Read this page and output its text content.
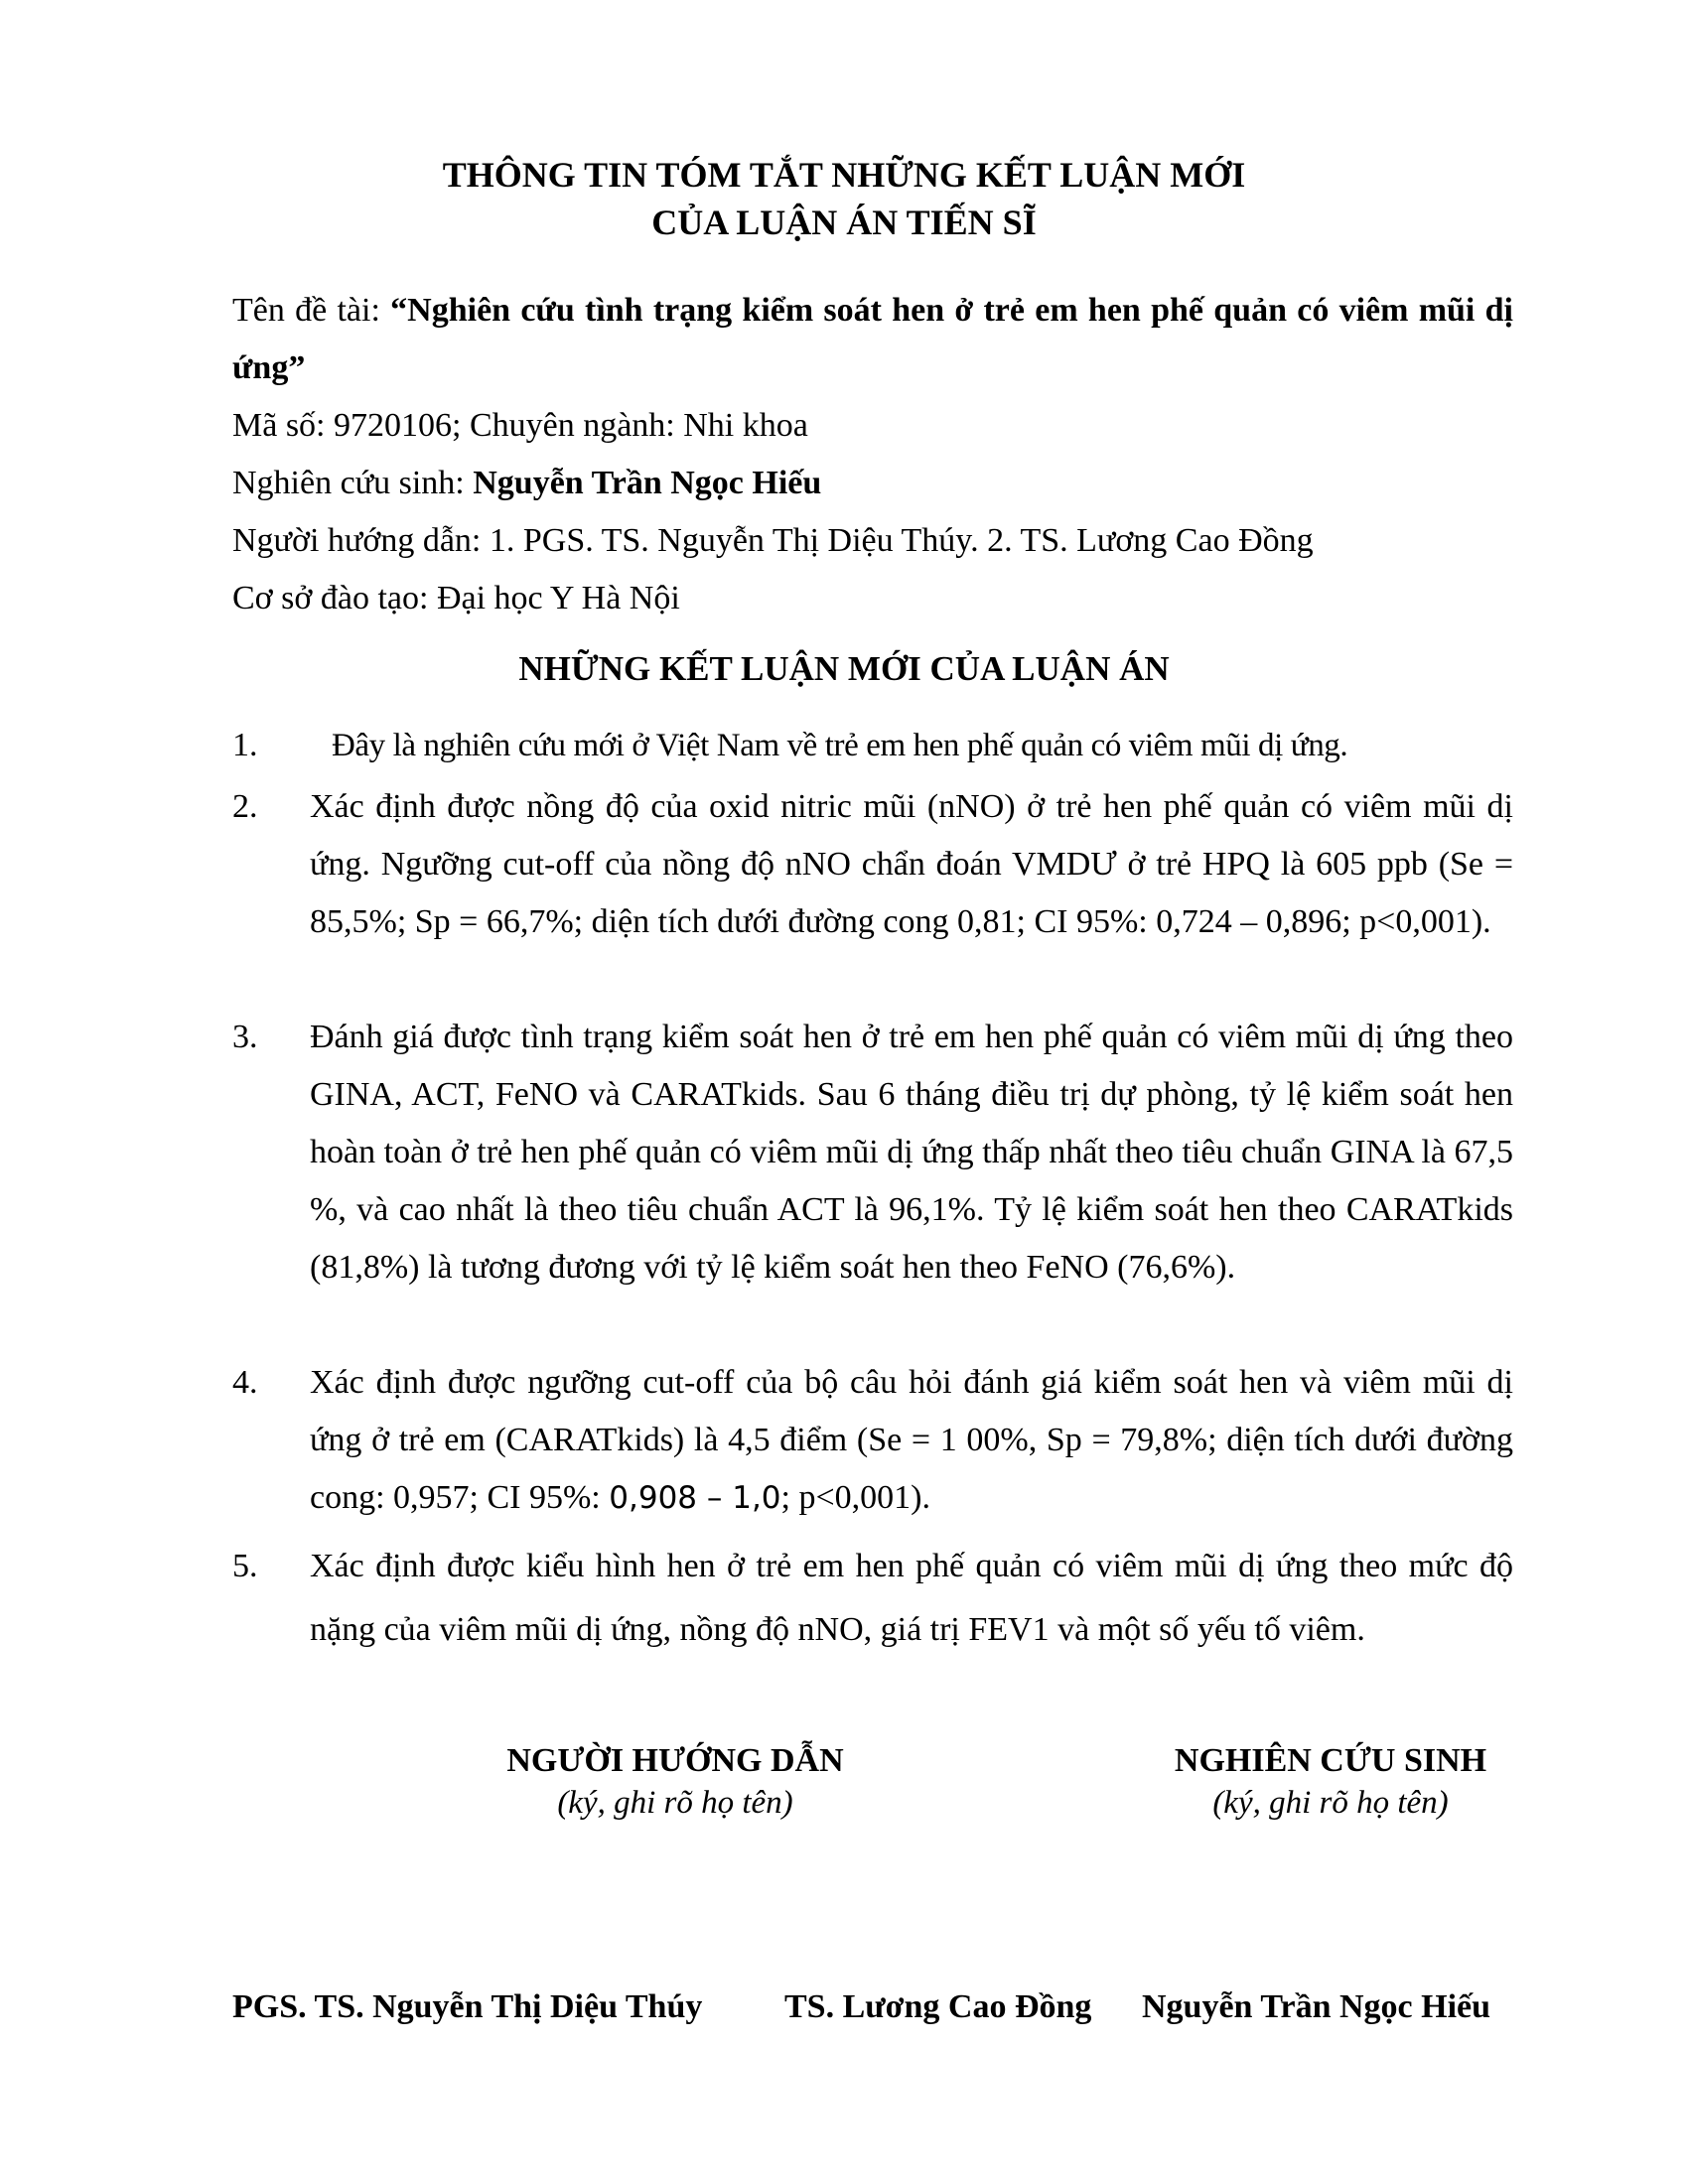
THÔNG TIN TÓM TẮT NHỮNG KẾT LUẬN MỚI
CỦA LUẬN ÁN TIẾN SĨ
Tên đề tài: “Nghiên cứu tình trạng kiểm soát hen ở trẻ em hen phế quản có viêm mũi dị ứng”
Mã số: 9720106; Chuyên ngành: Nhi khoa
Nghiên cứu sinh: Nguyễn Trần Ngọc Hiếu
Người hướng dẫn: 1. PGS. TS. Nguyễn Thị Diệu Thúy. 2. TS. Lương Cao Đồng
Cơ sở đào tạo: Đại học Y Hà Nội
NHỮNG KẾT LUẬN MỚI CỦA LUẬN ÁN
1.	Đây là nghiên cứu mới ở Việt Nam về trẻ em hen phế quản có viêm mũi dị ứng.
2.	Xác định được nồng độ của oxid nitric mũi (nNO) ở trẻ hen phế quản có viêm mũi dị ứng. Ngưỡng cut-off của nồng độ nNO chẩn đoán VMDƯ ở trẻ HPQ là 605 ppb (Se = 85,5%; Sp = 66,7%; diện tích dưới đường cong 0,81; CI 95%: 0,724 – 0,896; p<0,001).
3.	Đánh giá được tình trạng kiểm soát hen ở trẻ em hen phế quản có viêm mũi dị ứng theo GINA, ACT, FeNO và CARATkids. Sau 6 tháng điều trị dự phòng, tỷ lệ kiểm soát hen hoàn toàn ở trẻ hen phế quản có viêm mũi dị ứng thấp nhất theo tiêu chuẩn GINA là 67,5 %, và cao nhất là theo tiêu chuẩn ACT là 96,1%. Tỷ lệ kiểm soát hen theo CARATkids (81,8%) là tương đương với tỷ lệ kiểm soát hen theo FeNO (76,6%).
4.	Xác định được ngưỡng cut-off của bộ câu hỏi đánh giá kiểm soát hen và viêm mũi dị ứng ở trẻ em (CARATkids) là 4,5 điểm (Se = 1 00%, Sp = 79,8%; diện tích dưới đường cong: 0,957; CI 95%: 0,908 – 1,0; p<0,001).
5.	Xác định được kiểu hình hen ở trẻ em hen phế quản có viêm mũi dị ứng theo mức độ nặng của viêm mũi dị ứng, nồng độ nNO, giá trị FEV1 và một số yếu tố viêm.
NGƯỜI HƯỚNG DẪN
(ký, ghi rõ họ tên)
NGHIÊN CỨU SINH
(ký, ghi rõ họ tên)
PGS. TS. Nguyễn Thị Diệu Thúy TS. Lương Cao Đồng Nguyễn Trần Ngọc Hiếu
